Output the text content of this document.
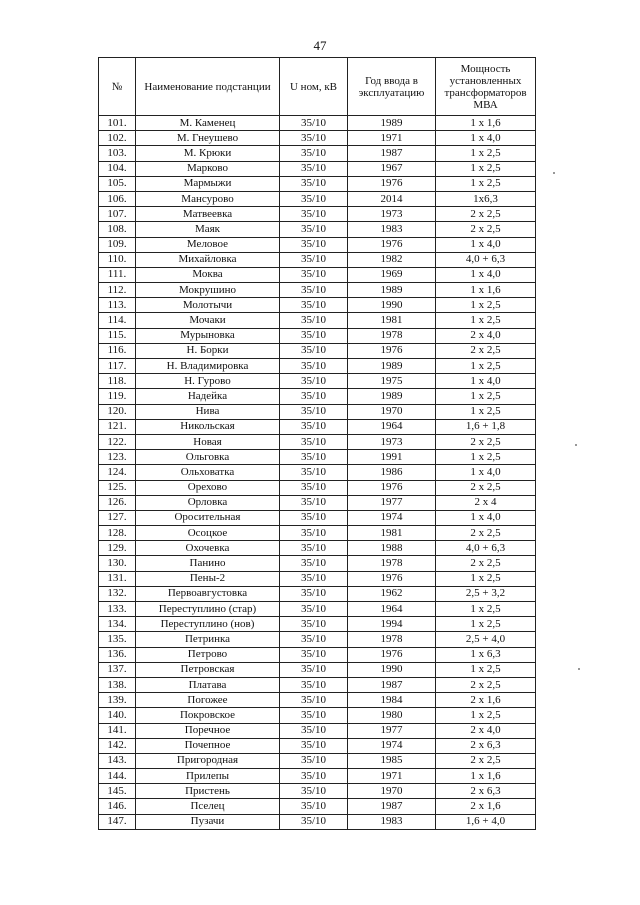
47
№	Наименование подстанции	U ном, кВ	Год ввода в эксплуатацию	Мощность установленных трансформаторов МВА
101.	М. Каменец	35/10	1989	1 x 1,6
102.	М. Гнеушево	35/10	1971	1 x 4,0
103.	М. Крюки	35/10	1987	1 x 2,5
104.	Марково	35/10	1967	1 x 2,5
105.	Мармыжи	35/10	1976	1 x 2,5
106.	Мансурово	35/10	2014	1x6,3
107.	Матвеевка	35/10	1973	2 x 2,5
108.	Маяк	35/10	1983	2 x 2,5
109.	Меловое	35/10	1976	1 x 4,0
110.	Михайловка	35/10	1982	4,0 + 6,3
111.	Моква	35/10	1969	1 x 4,0
112.	Мокрушино	35/10	1989	1 x 1,6
113.	Молотычи	35/10	1990	1 x 2,5
114.	Мочаки	35/10	1981	1 x 2,5
115.	Мурыновка	35/10	1978	2 x 4,0
116.	Н. Борки	35/10	1976	2 x 2,5
117.	Н. Владимировка	35/10	1989	1 x 2,5
118.	Н. Гурово	35/10	1975	1 x 4,0
119.	Надейка	35/10	1989	1 x 2,5
120.	Нива	35/10	1970	1 x 2,5
121.	Никольская	35/10	1964	1,6 + 1,8
122.	Новая	35/10	1973	2 x 2,5
123.	Ольговка	35/10	1991	1 x 2,5
124.	Ольховатка	35/10	1986	1 x 4,0
125.	Орехово	35/10	1976	2 x 2,5
126.	Орловка	35/10	1977	2 x 4
127.	Оросительная	35/10	1974	1 x 4,0
128.	Осоцкое	35/10	1981	2 x 2,5
129.	Охочевка	35/10	1988	4,0 + 6,3
130.	Панино	35/10	1978	2 x 2,5
131.	Пены-2	35/10	1976	1 x 2,5
132.	Первоавгустовка	35/10	1962	2,5 + 3,2
133.	Переступлино (стар)	35/10	1964	1 x 2,5
134.	Переступлино (нов)	35/10	1994	1 x 2,5
135.	Петринка	35/10	1978	2,5 + 4,0
136.	Петрово	35/10	1976	1 x 6,3
137.	Петровская	35/10	1990	1 x 2,5
138.	Платава	35/10	1987	2 x 2,5
139.	Погожее	35/10	1984	2 x 1,6
140.	Покровское	35/10	1980	1 x 2,5
141.	Поречное	35/10	1977	2 x 4,0
142.	Почепное	35/10	1974	2 x 6,3
143.	Пригородная	35/10	1985	2 x 2,5
144.	Прилепы	35/10	1971	1 x 1,6
145.	Пристень	35/10	1970	2 x 6,3
146.	Пселец	35/10	1987	2 x 1,6
147.	Пузачи	35/10	1983	1,6 + 4,0
